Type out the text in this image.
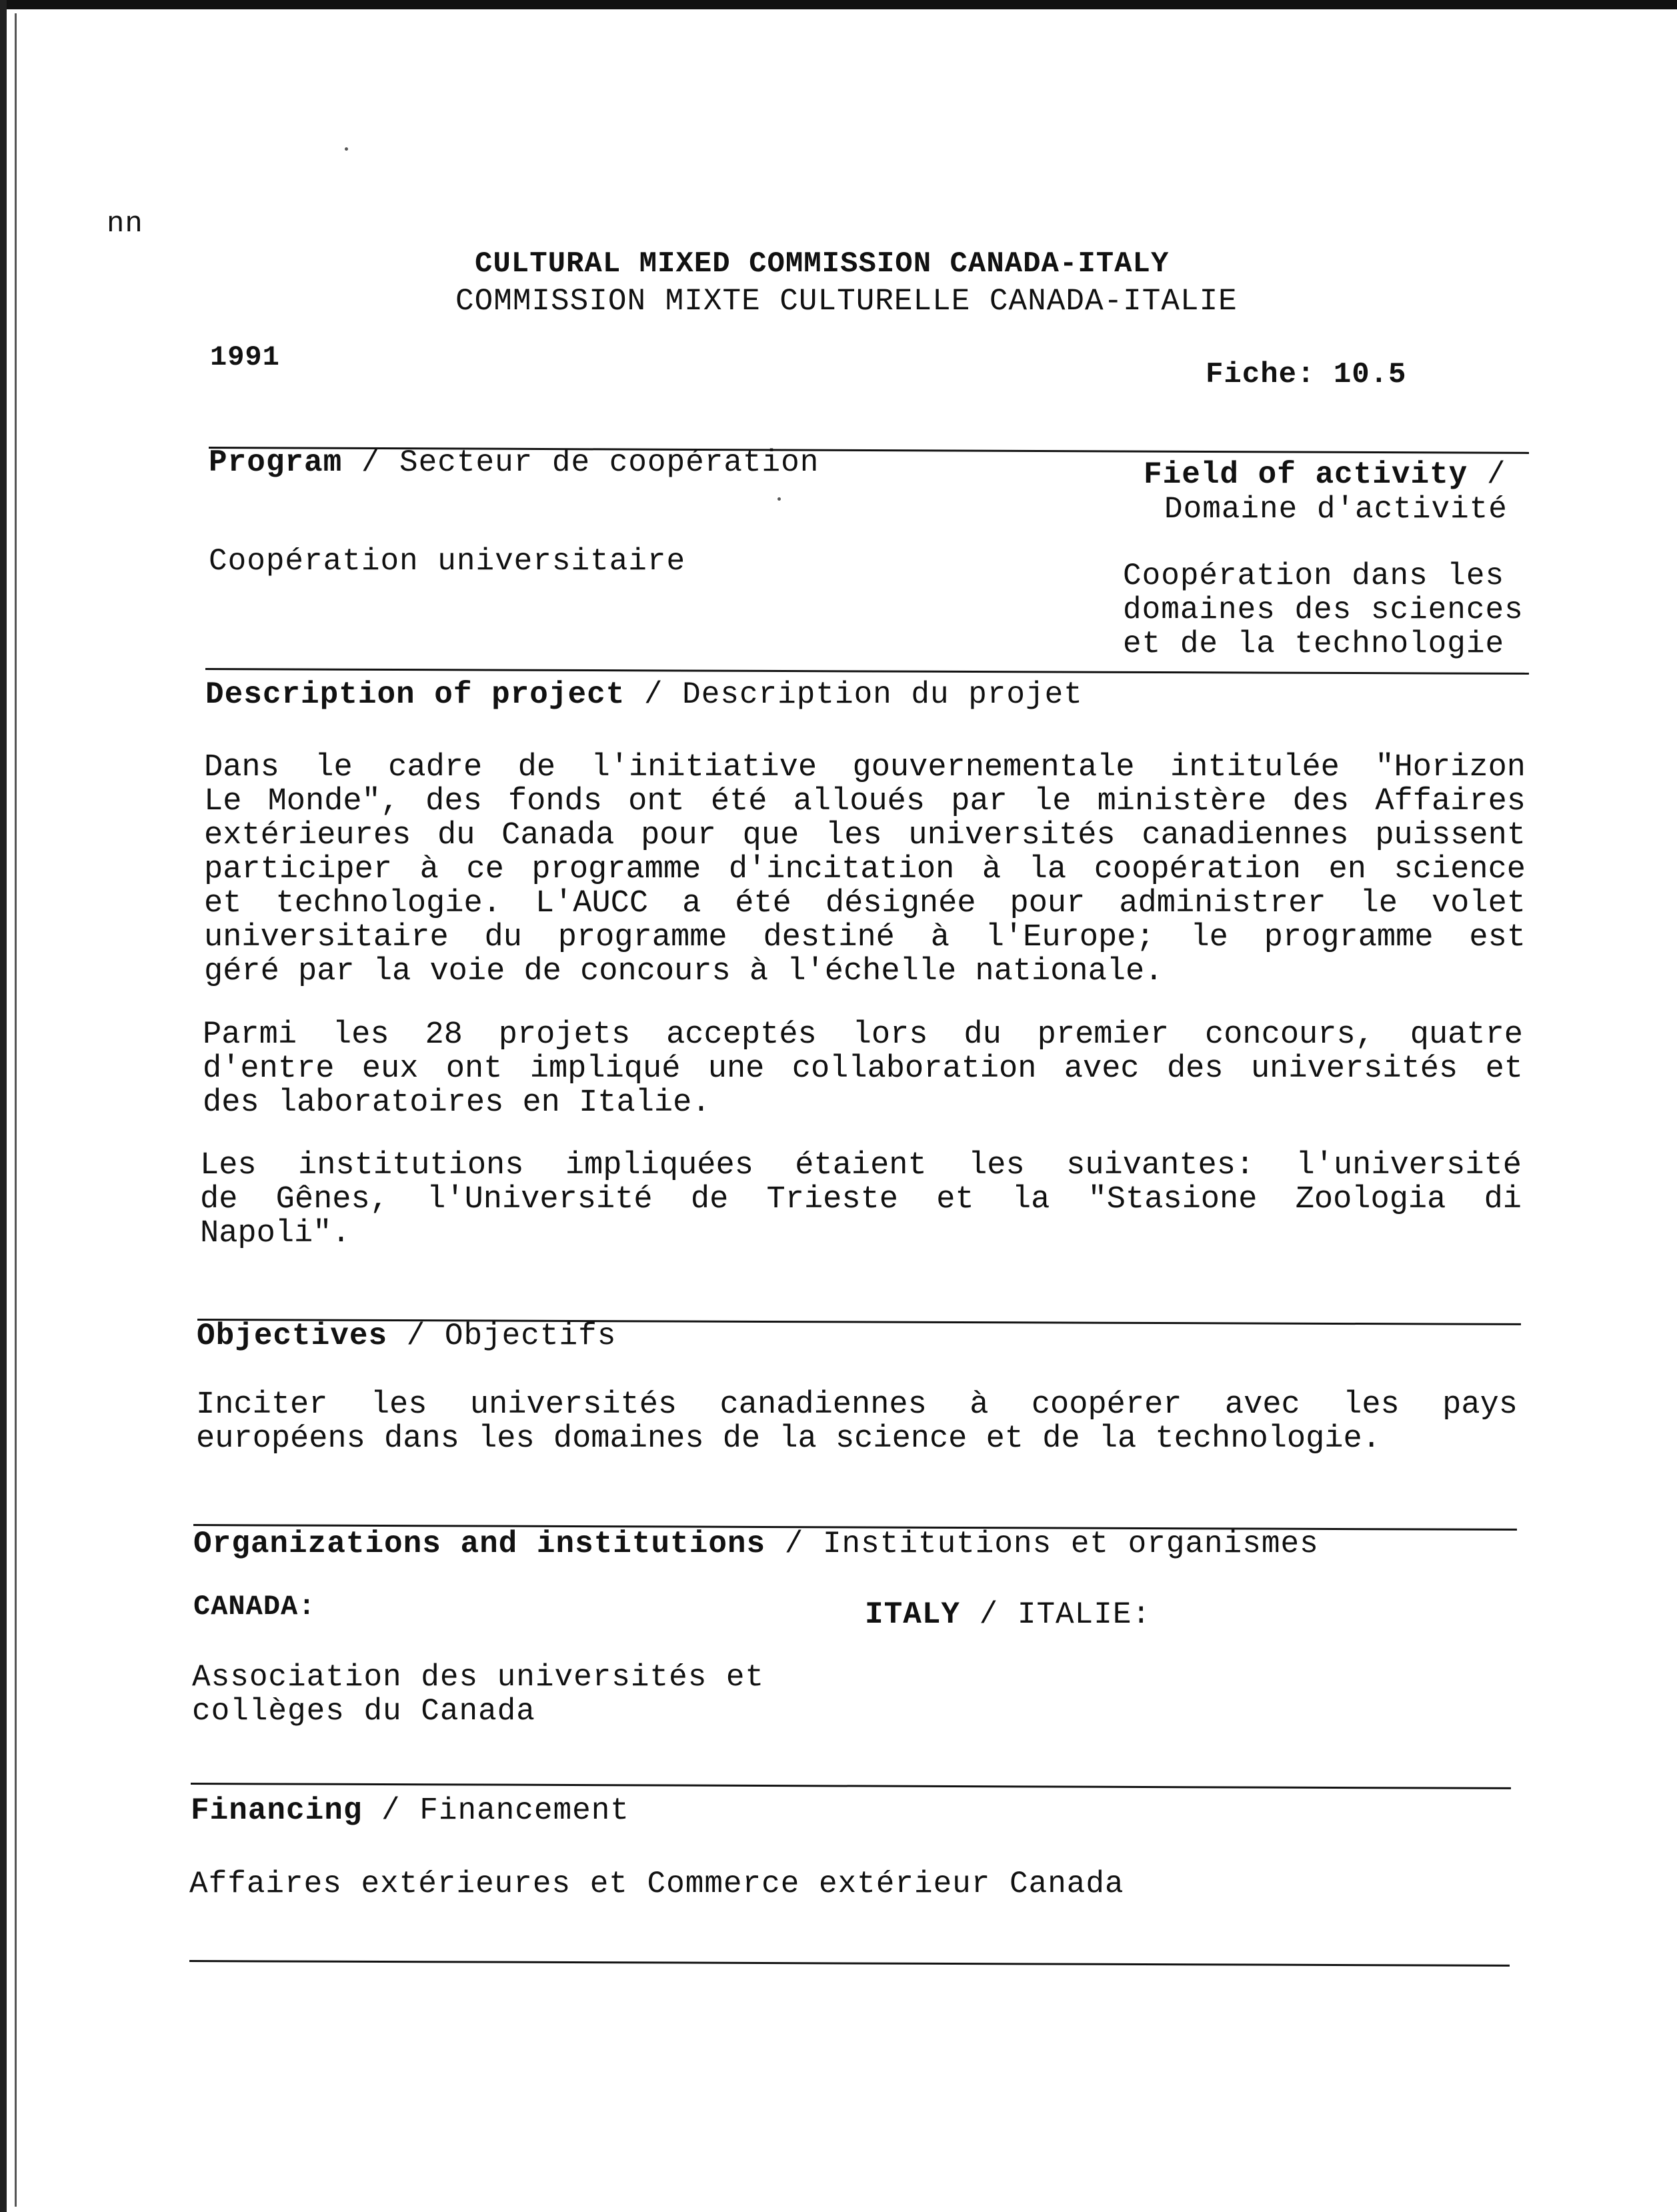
nn
CULTURAL MIXED COMMISSION CANADA-ITALY
COMMISSION MIXTE CULTURELLE CANADA-ITALIE
1991
Fiche: 10.5
Program / Secteur de coopération
Coopération universitaire
Field of activity /
Domaine d'activité
Coopération dans les
domaines des sciences
et de la technologie
Description of project / Description du projet
Dans le cadre de l'initiative gouvernementale intitulée "Horizon
Le Monde", des fonds ont été alloués par le ministère des Affaires
extérieures du Canada pour que les universités canadiennes puissent
participer à ce programme d'incitation à la coopération en science
et technologie. L'AUCC a été désignée pour administrer le volet
universitaire du programme destiné à l'Europe; le programme est
géré par la voie de concours à l'échelle nationale.
Parmi les 28 projets acceptés lors du premier concours, quatre
d'entre eux ont impliqué une collaboration avec des universités et
des laboratoires en Italie.
Les institutions impliquées étaient les suivantes: l'université
de Gênes, l'Université de Trieste et la "Stasione Zoologia di
Napoli".
Objectives / Objectifs
Inciter les universités canadiennes à coopérer avec les pays
européens dans les domaines de la science et de la technologie.
Organizations and institutions / Institutions et organismes
CANADA:	ITALY / ITALIE:
Association des universités et
collèges du Canada
Financing / Financement
Affaires extérieures et Commerce extérieur Canada
